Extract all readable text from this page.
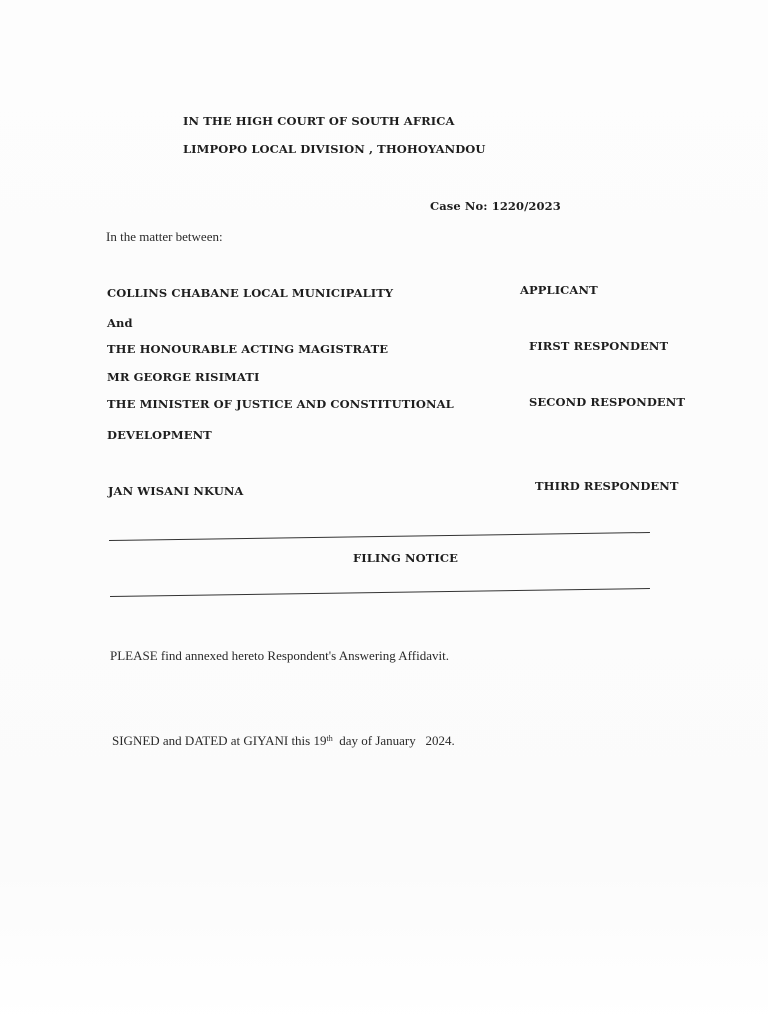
IN THE HIGH COURT OF SOUTH AFRICA
LIMPOPO LOCAL DIVISION , THOHOYANDOU
Case No: 1220/2023
In the matter between:
COLLINS CHABANE LOCAL MUNICIPALITY	APPLICANT
And
THE HONOURABLE ACTING MAGISTRATE	FIRST RESPONDENT
MR GEORGE RISIMATI
THE MINISTER OF JUSTICE AND CONSTITUTIONAL	SECOND RESPONDENT
DEVELOPMENT
JAN WISANI NKUNA	THIRD RESPONDENT
FILING NOTICE
PLEASE find annexed hereto Respondent's Answering Affidavit.
SIGNED and DATED at GIYANI this 19th  day of January   2024.
